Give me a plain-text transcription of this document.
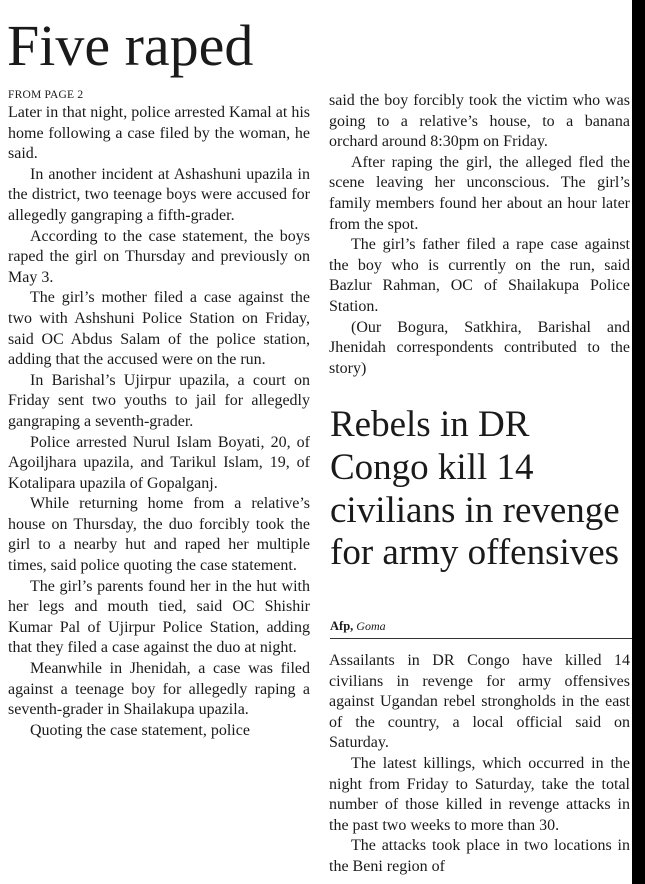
Five raped
FROM PAGE 2

Later in that night, police arrested Kamal at his home following a case filed by the woman, he said.

In another incident at Ashashuni upazila in the district, two teenage boys were accused for allegedly gangraping a fifth-grader.

According to the case statement, the boys raped the girl on Thursday and previously on May 3.

The girl’s mother filed a case against the two with Ashshuni Police Station on Friday, said OC Abdus Salam of the police station, adding that the accused were on the run.

In Barishal’s Ujirpur upazila, a court on Friday sent two youths to jail for allegedly gangraping a seventh-grader.

Police arrested Nurul Islam Boyati, 20, of Agoiljhara upazila, and Tarikul Islam, 19, of Kotalipara upazila of Gopalganj.

While returning home from a relative’s house on Thursday, the duo forcibly took the girl to a nearby hut and raped her multiple times, said police quoting the case statement.

The girl’s parents found her in the hut with her legs and mouth tied, said OC Shishir Kumar Pal of Ujirpur Police Station, adding that they filed a case against the duo at night.

Meanwhile in Jhenidah, a case was filed against a teenage boy for allegedly raping a seventh-grader in Shailakupa upazila.

Quoting the case statement, police

said the boy forcibly took the victim who was going to a relative’s house, to a banana orchard around 8:30pm on Friday.

After raping the girl, the alleged fled the scene leaving her unconscious. The girl’s family members found her about an hour later from the spot.

The girl’s father filed a rape case against the boy who is currently on the run, said Bazlur Rahman, OC of Shailakupa Police Station.

(Our Bogura, Satkhira, Barishal and Jhenidah correspondents contributed to the story)

Rebels in DR Congo kill 14 civilians in revenge for army offensives
Afp, Goma

Assailants in DR Congo have killed 14 civilians in revenge for army offensives against Ugandan rebel strongholds in the east of the country, a local official said on Saturday.

The latest killings, which occurred in the night from Friday to Saturday, take the total number of those killed in revenge attacks in the past two weeks to more than 30.

The attacks took place in two locations in the Beni region of
